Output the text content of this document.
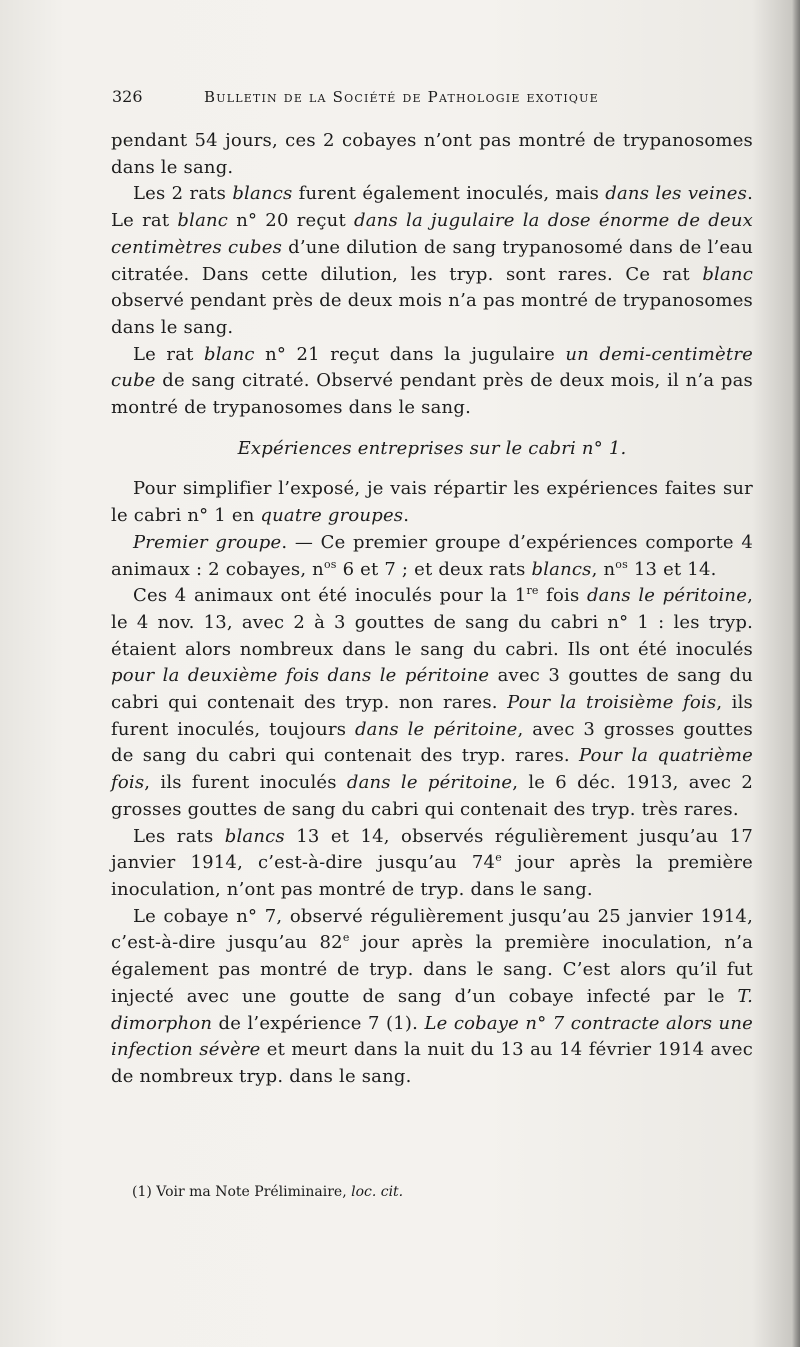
326	Bulletin de la Société de Pathologie exotique

pendant 54 jours, ces 2 cobayes n’ont pas montré de trypanosomes dans le sang.

Les 2 rats blancs furent également inoculés, mais dans les veines. Le rat blanc n° 20 reçut dans la jugulaire la dose énorme de deux centimètres cubes d’une dilution de sang trypanosomé dans de l’eau citratée. Dans cette dilution, les tryp. sont rares. Ce rat blanc observé pendant près de deux mois n’a pas montré de trypanosomes dans le sang.

Le rat blanc n° 21 reçut dans la jugulaire un demi-centimètre cube de sang citraté. Observé pendant près de deux mois, il n’a pas montré de trypanosomes dans le sang.

Expériences entreprises sur le cabri n° 1.

Pour simplifier l’exposé, je vais répartir les expériences faites sur le cabri n° 1 en quatre groupes.

Premier groupe. — Ce premier groupe d’expériences comporte 4 animaux : 2 cobayes, $n^{os}$ 6 et 7 ; et deux rats blancs, $n^{os}$ 13 et 14.

Ces 4 animaux ont été inoculés pour la 1re fois dans le péritoine, le 4 nov. 13, avec 2 à 3 gouttes de sang du cabri n° 1 : les tryp. étaient alors nombreux dans le sang du cabri. Ils ont été inoculés pour la deuxième fois dans le péritoine avec 3 gouttes de sang du cabri qui contenait des tryp. non rares. Pour la troisième fois, ils furent inoculés, toujours dans le péritoine, avec 3 grosses gouttes de sang du cabri qui contenait des tryp. rares. Pour la quatrième fois, ils furent inoculés dans le péritoine, le 6 déc. 1913, avec 2 grosses gouttes de sang du cabri qui contenait des tryp. très rares.

Les rats blancs 13 et 14, observés régulièrement jusqu’au 17 janvier 1914, c’est-à-dire jusqu’au 74e jour après la première inoculation, n’ont pas montré de tryp. dans le sang.

Le cobaye n° 7, observé régulièrement jusqu’au 25 janvier 1914, c’est-à-dire jusqu’au 82e jour après la première inoculation, n’a également pas montré de tryp. dans le sang. C’est alors qu’il fut injecté avec une goutte de sang d’un cobaye infecté par le T. dimorphon de l’expérience 7 (1). Le cobaye n° 7 contracte alors une infection sévère et meurt dans la nuit du 13 au 14 février 1914 avec de nombreux tryp. dans le sang.

(1) Voir ma Note Préliminaire, loc. cit.
